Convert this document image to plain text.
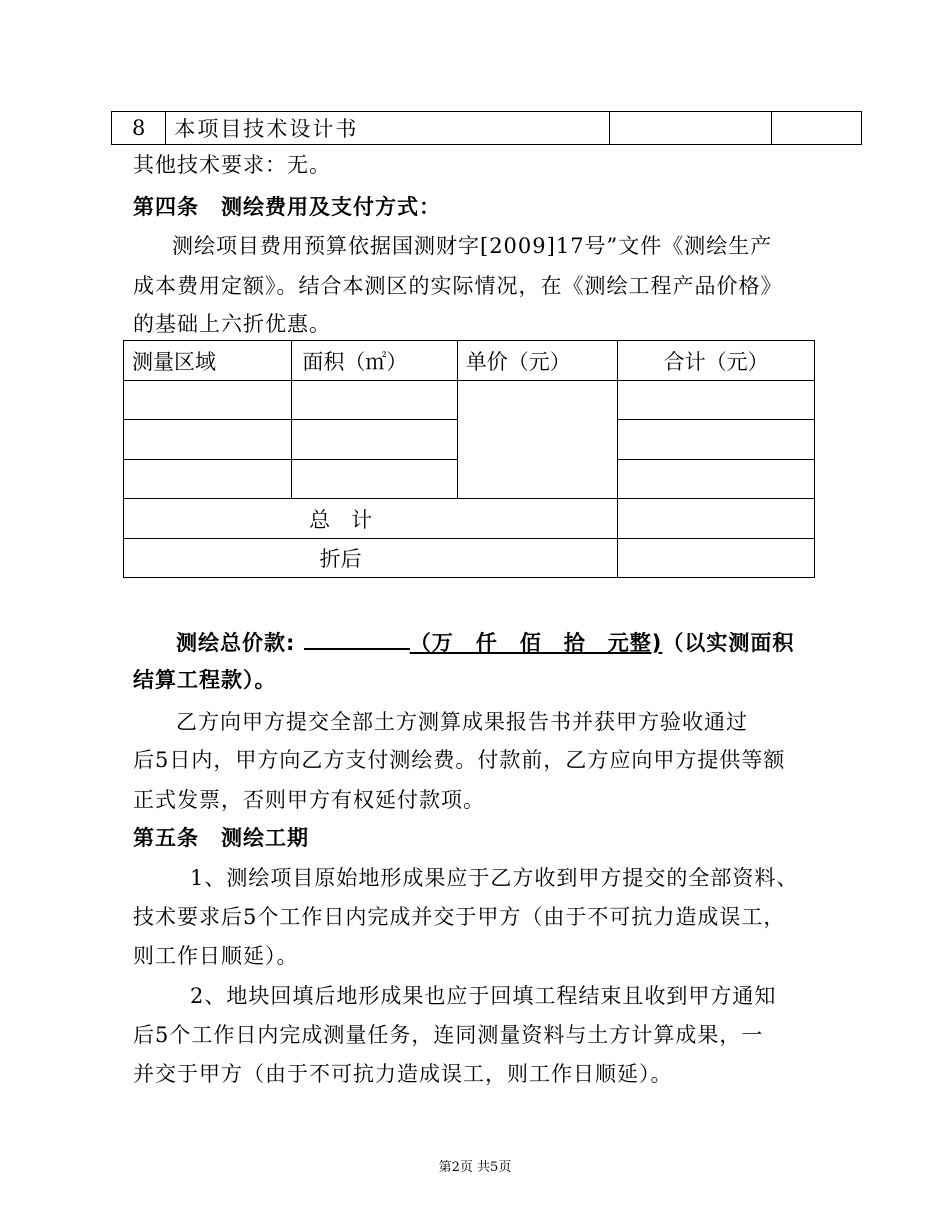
8	本项目技术设计书		
其他技术要求：无。
第四条　测绘费用及支付方式：
测绘项目费用预算依据国测财字[2009]17号”文件《测绘生产
成本费用定额》。结合本测区的实际情况，在《测绘工程产品价格》
的基础上六折优惠。
测量区域	面积（㎡）	单价（元）	合计（元）

总　计			
折后			
测绘总价款:	（万　仟　佰　拾　元整)（以实测面积
结算工程款）。
乙方向甲方提交全部土方测算成果报告书并获甲方验收通过
后5日内，甲方向乙方支付测绘费。付款前，乙方应向甲方提供等额
正式发票，否则甲方有权延付款项。
第五条　测绘工期
1、测绘项目原始地形成果应于乙方收到甲方提交的全部资料、
技术要求后5个工作日内完成并交于甲方（由于不可抗力造成误工，
则工作日顺延）。
2、地块回填后地形成果也应于回填工程结束且收到甲方通知
后5个工作日内完成测量任务，连同测量资料与土方计算成果，一
并交于甲方（由于不可抗力造成误工，则工作日顺延）。
第2页 共5页
